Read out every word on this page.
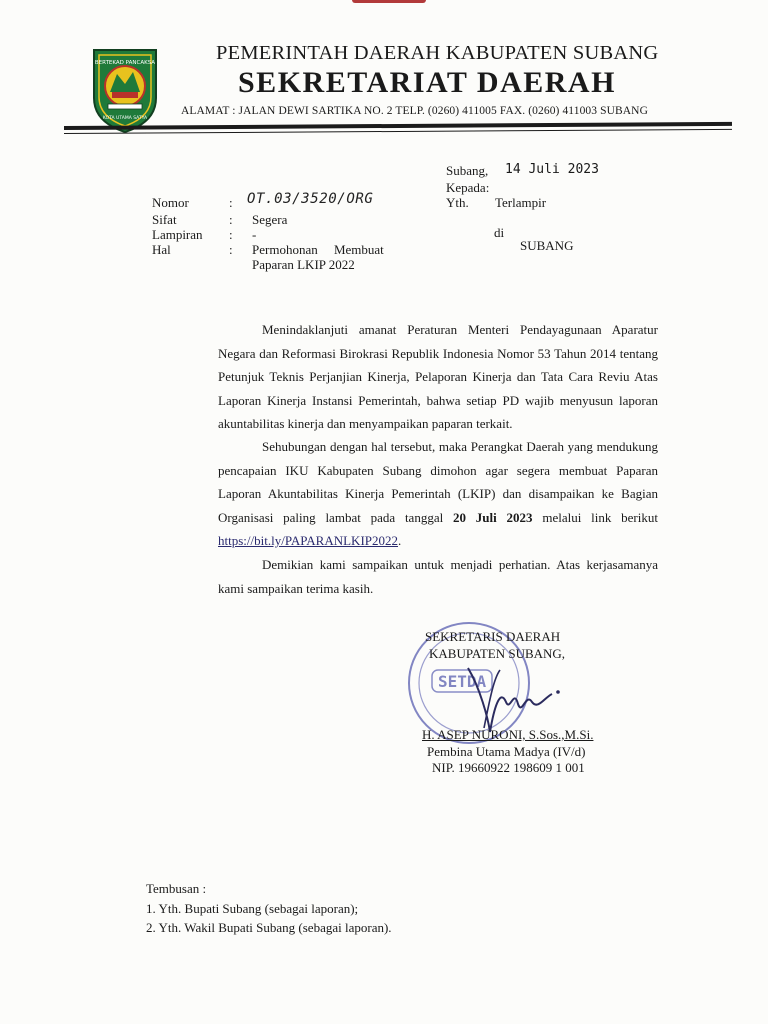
BERTEKAD PANCAKSA
KOTA UTAMA SATYA
PEMERINTAH DAERAH KABUPATEN SUBANG
SEKRETARIAT DAERAH
ALAMAT : JALAN DEWI SARTIKA NO. 2 TELP. (0260) 411005 FAX. (0260) 411003 SUBANG
Subang, 14 Juli 2023
Kepada:
Yth. Terlampir
di
SUBANG
Nomor	: OT.03/3520/ORG
Sifat	: Segera
Lampiran : -
Hal	: Permohonan     Membuat
Paparan LKIP 2022
Menindaklanjuti amanat Peraturan Menteri Pendayagunaan Aparatur Negara dan Reformasi Birokrasi Republik Indonesia Nomor 53 Tahun 2014 tentang Petunjuk Teknis Perjanjian Kinerja, Pelaporan Kinerja dan Tata Cara Reviu Atas Laporan Kinerja Instansi Pemerintah, bahwa setiap PD wajib menyusun laporan akuntabilitas kinerja dan menyampaikan paparan terkait.
Sehubungan dengan hal tersebut, maka Perangkat Daerah yang mendukung pencapaian IKU Kabupaten Subang dimohon agar segera membuat Paparan Laporan Akuntabilitas Kinerja Pemerintah (LKIP) dan disampaikan ke Bagian Organisasi paling lambat pada tanggal 20 Juli 2023 melalui link berikut https://bit.ly/PAPARANLKIP2022.
Demikian kami sampaikan untuk menjadi perhatian. Atas kerjasamanya kami sampaikan terima kasih.
SETDA
SEKRETARIS DAERAH
KABUPATEN SUBANG,
H. ASEP NURONI, S.Sos.,M.Si.
Pembina Utama Madya (IV/d)
NIP. 19660922 198609 1 001
Tembusan :
1. Yth. Bupati Subang (sebagai laporan);
2. Yth. Wakil Bupati Subang (sebagai laporan).
